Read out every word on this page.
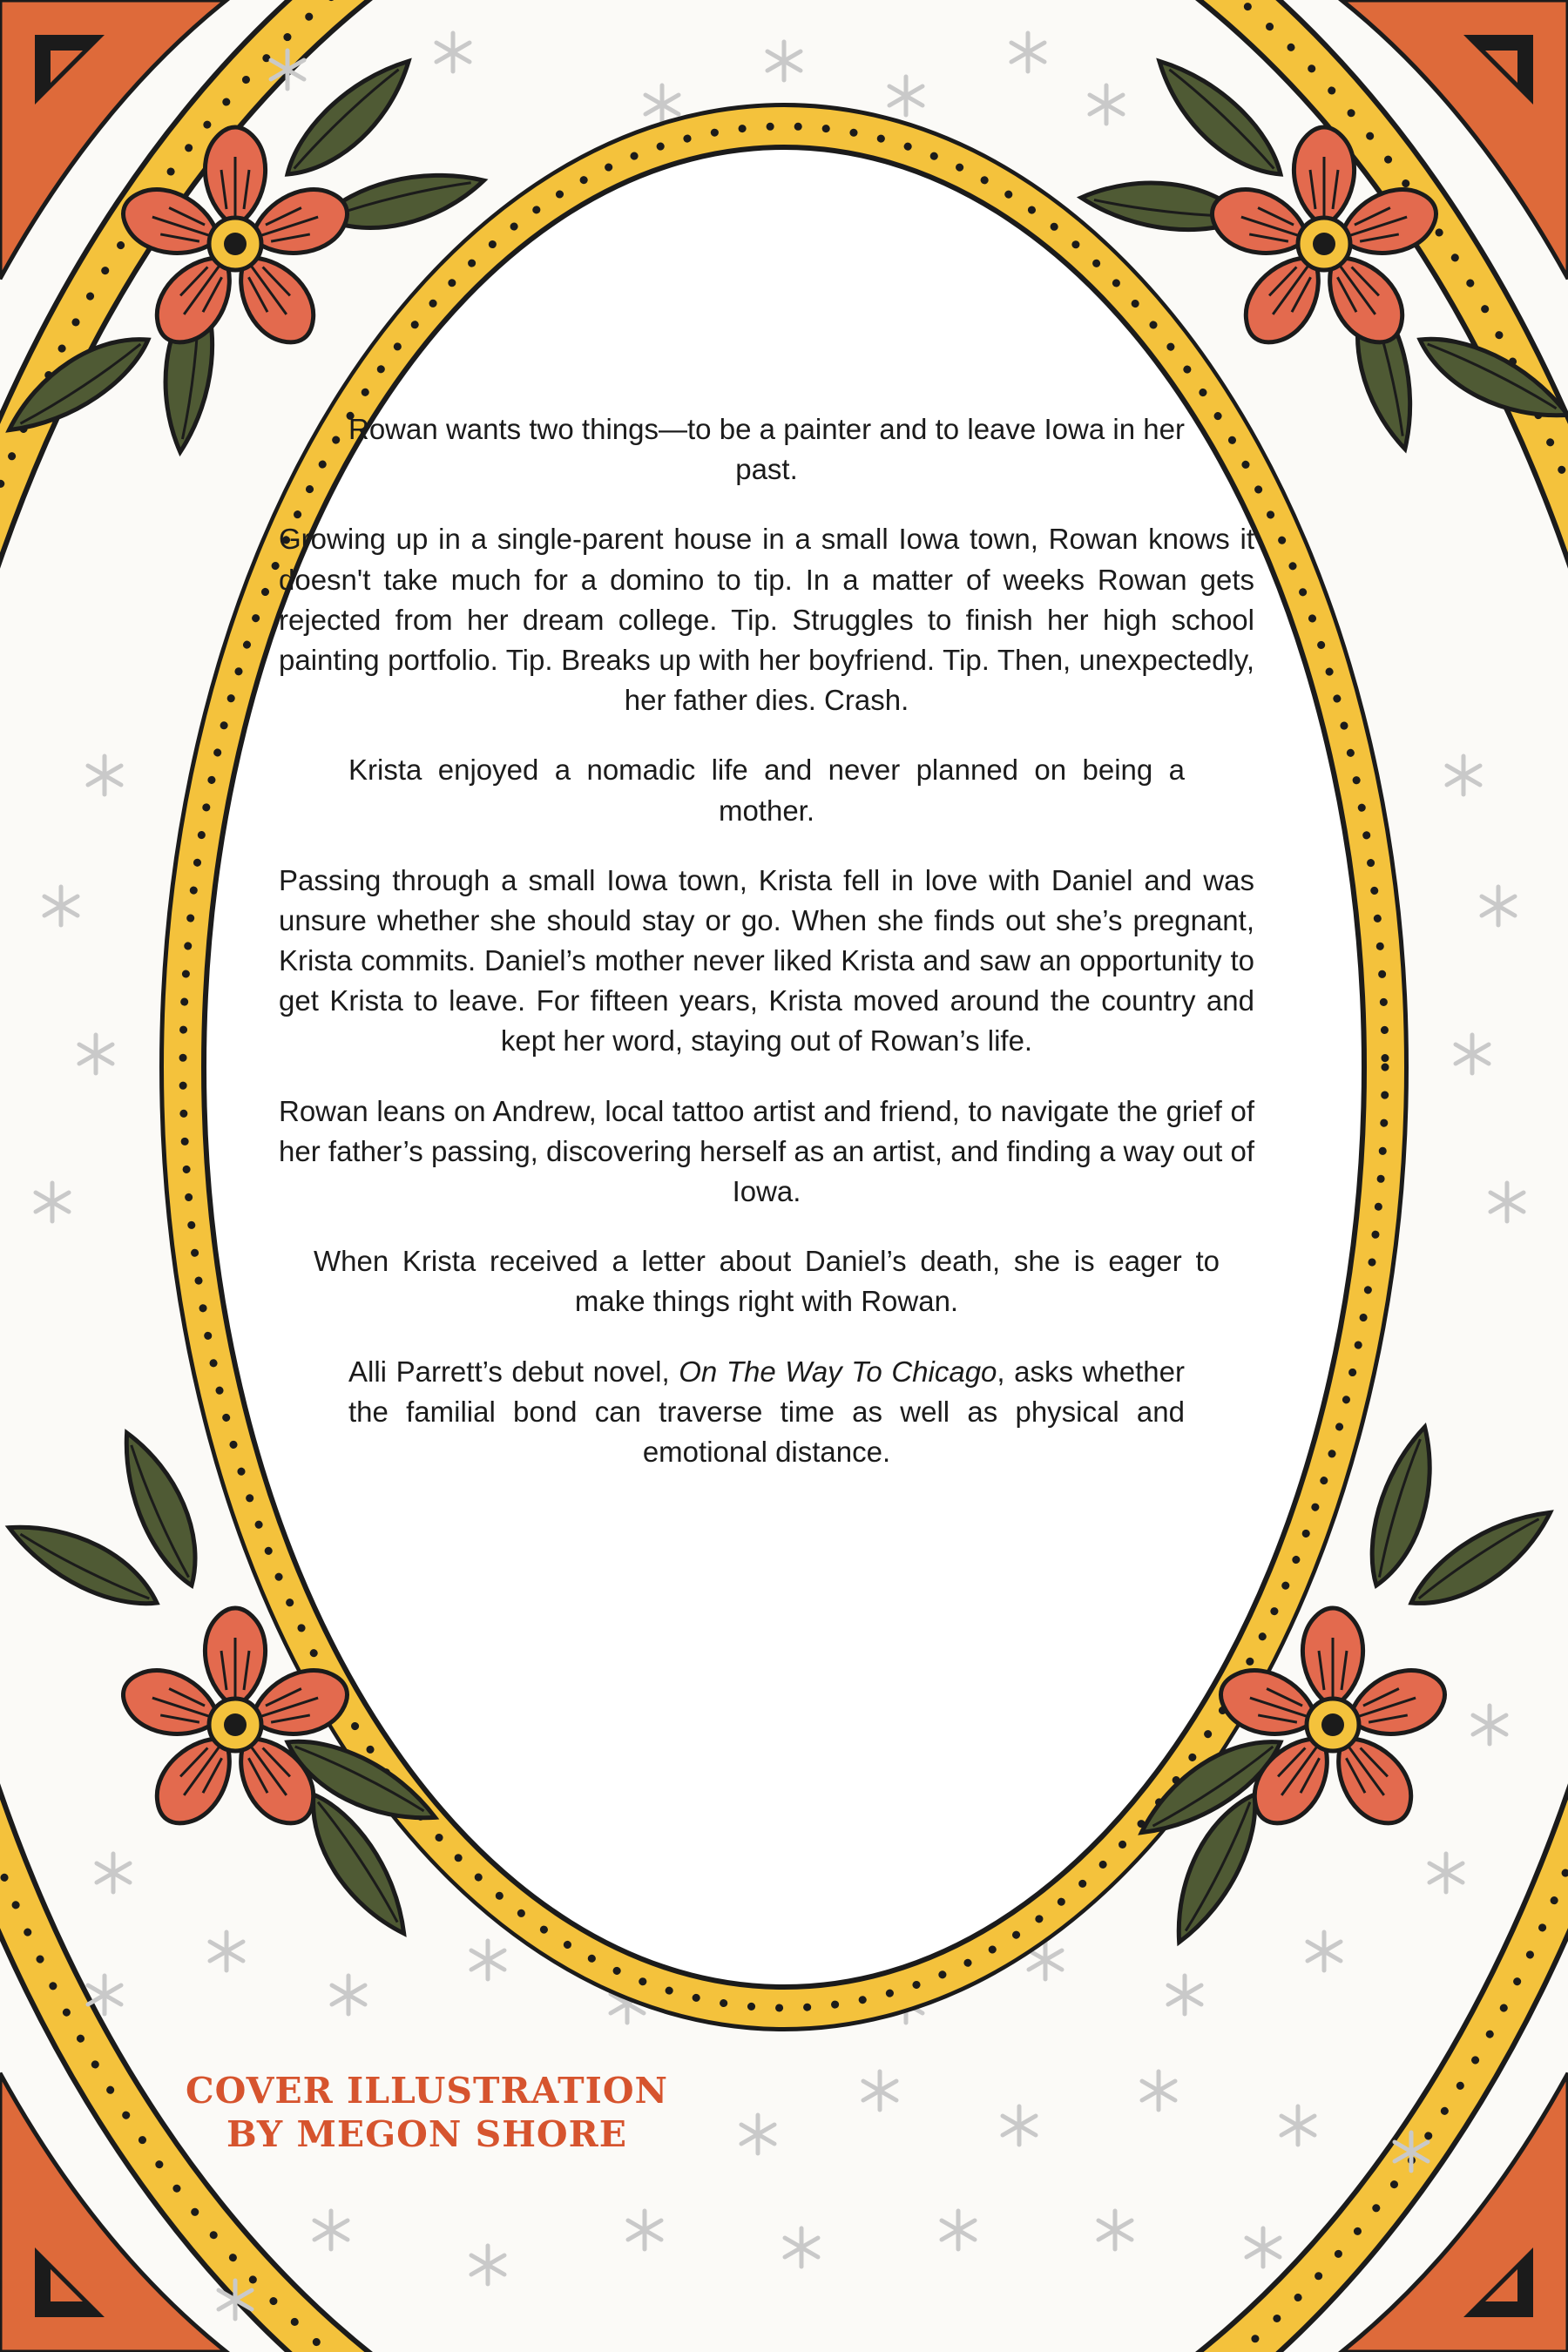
Rowan wants two things—to be a painter and to leave Iowa in her past.

Growing up in a single-parent house in a small Iowa town, Rowan knows it doesn't take much for a domino to tip. In a matter of weeks Rowan gets rejected from her dream college. Tip. Struggles to finish her high school painting portfolio. Tip. Breaks up with her boyfriend. Tip. Then, unexpectedly, her father dies. Crash.

Krista enjoyed a nomadic life and never planned on being a mother.

Passing through a small Iowa town, Krista fell in love with Daniel and was unsure whether she should stay or go. When she finds out she’s pregnant, Krista commits. Daniel’s mother never liked Krista and saw an opportunity to get Krista to leave. For fifteen years, Krista moved around the country and kept her word, staying out of Rowan’s life.

Rowan leans on Andrew, local tattoo artist and friend, to navigate the grief of her father’s passing, discovering herself as an artist, and finding a way out of Iowa.

When Krista received a letter about Daniel’s death, she is eager to make things right with Rowan.

Alli Parrett’s debut novel, On The Way To Chicago, asks whether the familial bond can traverse time as well as physical and emotional distance.

COVER ILLUSTRATION
BY MEGON SHORE
